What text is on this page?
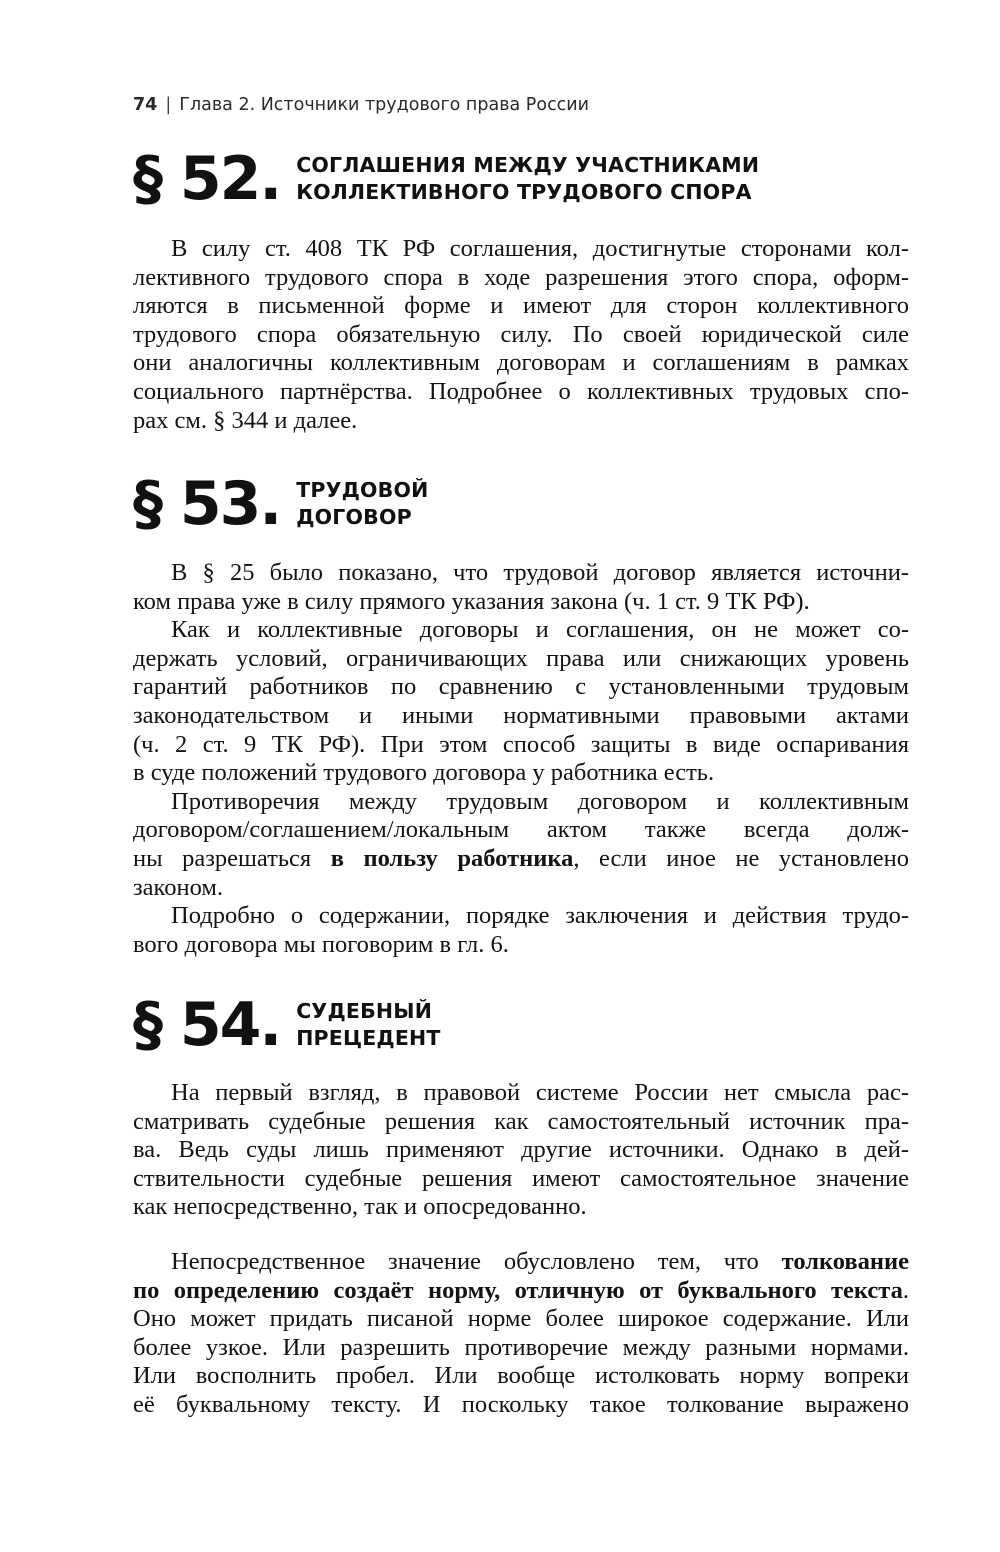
74 | Глава 2. Источники трудового права России
§ 52. СОГЛАШЕНИЯ МЕЖДУ УЧАСТНИКАМИ
КОЛЛЕКТИВНОГО ТРУДОВОГО СПОРА
В силу ст. 408 ТК РФ соглашения, достигнутые сторонами кол-
лективного трудового спора в ходе разрешения этого спора, оформ-
ляются в письменной форме и имеют для сторон коллективного
трудового спора обязательную силу. По своей юридической силе
они аналогичны коллективным договорам и соглашениям в рамках
социального партнёрства. Подробнее о коллективных трудовых спо-
рах см. § 344 и далее.
§ 53. ТРУДОВОЙ
ДОГОВОР
В § 25 было показано, что трудовой договор является источни-
ком права уже в силу прямого указания закона (ч. 1 ст. 9 ТК РФ).
Как и коллективные договоры и соглашения, он не может со-
держать условий, ограничивающих права или снижающих уровень
гарантий работников по сравнению с установленными трудовым
законодательством и иными нормативными правовыми актами
(ч. 2 ст. 9 ТК РФ). При этом способ защиты в виде оспаривания
в суде положений трудового договора у работника есть.
Противоречия между трудовым договором и коллективным
договором/соглашением/локальным актом также всегда долж-
ны разрешаться в пользу работника, если иное не установлено
законом.
Подробно о содержании, порядке заключения и действия трудо-
вого договора мы поговорим в гл. 6.
§ 54. СУДЕБНЫЙ
ПРЕЦЕДЕНТ
На первый взгляд, в правовой системе России нет смысла рас-
сматривать судебные решения как самостоятельный источник пра-
ва. Ведь суды лишь применяют другие источники. Однако в дей-
ствительности судебные решения имеют самостоятельное значение
как непосредственно, так и опосредованно.
Непосредственное значение обусловлено тем, что толкование
по определению создаёт норму, отличную от буквального текста.
Оно может придать писаной норме более широкое содержание. Или
более узкое. Или разрешить противоречие между разными нормами.
Или восполнить пробел. Или вообще истолковать норму вопреки
её буквальному тексту. И поскольку такое толкование выражено
